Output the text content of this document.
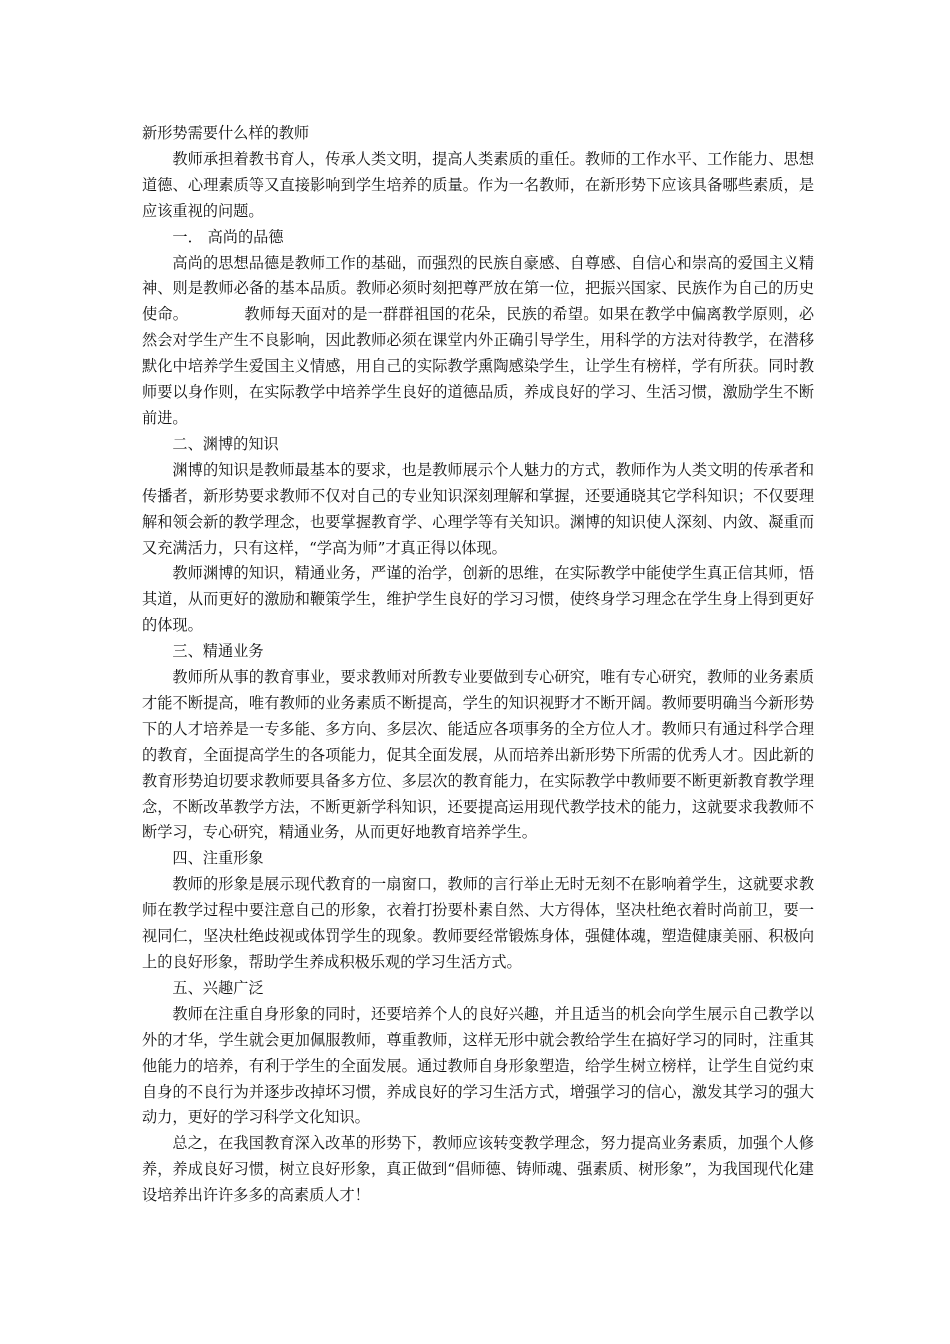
新形势需要什么样的教师

教师承担着教书育人，传承人类文明，提高人类素质的重任。教师的工作水平、工作能力、思想道德、心理素质等又直接影响到学生培养的质量。作为一名教师，在新形势下应该具备哪些素质，是应该重视的问题。

一． 高尚的品德

高尚的思想品德是教师工作的基础，而强烈的民族自豪感、自尊感、自信心和崇高的爱国主义精神、则是教师必备的基本品质。教师必须时刻把尊严放在第一位，把振兴国家、民族作为自己的历史使命。	教师每天面对的是一群群祖国的花朵，民族的希望。如果在教学中偏离教学原则，必然会对学生产生不良影响，因此教师必须在课堂内外正确引导学生，用科学的方法对待教学，在潜移默化中培养学生爱国主义情感，用自己的实际教学熏陶感染学生，让学生有榜样，学有所获。同时教师要以身作则，在实际教学中培养学生良好的道德品质，养成良好的学习、生活习惯，激励学生不断前进。

二、渊博的知识

渊博的知识是教师最基本的要求，也是教师展示个人魅力的方式，教师作为人类文明的传承者和传播者，新形势要求教师不仅对自己的专业知识深刻理解和掌握，还要通晓其它学科知识；不仅要理解和领会新的教学理念，也要掌握教育学、心理学等有关知识。渊博的知识使人深刻、内敛、凝重而又充满活力，只有这样，“学高为师”才真正得以体现。

教师渊博的知识，精通业务，严谨的治学，创新的思维，在实际教学中能使学生真正信其师，悟其道，从而更好的激励和鞭策学生，维护学生良好的学习习惯，使终身学习理念在学生身上得到更好的体现。

三、精通业务

教师所从事的教育事业，要求教师对所教专业要做到专心研究，唯有专心研究，教师的业务素质才能不断提高，唯有教师的业务素质不断提高，学生的知识视野才不断开阔。教师要明确当今新形势下的人才培养是一专多能、多方向、多层次、能适应各项事务的全方位人才。教师只有通过科学合理的教育，全面提高学生的各项能力，促其全面发展，从而培养出新形势下所需的优秀人才。因此新的教育形势迫切要求教师要具备多方位、多层次的教育能力，在实际教学中教师要不断更新教育教学理念，不断改革教学方法，不断更新学科知识，还要提高运用现代教学技术的能力，这就要求我教师不断学习，专心研究，精通业务，从而更好地教育培养学生。

四、注重形象

教师的形象是展示现代教育的一扇窗口，教师的言行举止无时无刻不在影响着学生，这就要求教师在教学过程中要注意自己的形象，衣着打扮要朴素自然、大方得体，坚决杜绝衣着时尚前卫，要一视同仁，坚决杜绝歧视或体罚学生的现象。教师要经常锻炼身体，强健体魂，塑造健康美丽、积极向上的良好形象，帮助学生养成积极乐观的学习生活方式。

五、兴趣广泛

教师在注重自身形象的同时，还要培养个人的良好兴趣，并且适当的机会向学生展示自己教学以外的才华，学生就会更加佩服教师，尊重教师，这样无形中就会教给学生在搞好学习的同时，注重其他能力的培养，有利于学生的全面发展。通过教师自身形象塑造，给学生树立榜样，让学生自觉约束自身的不良行为并逐步改掉坏习惯，养成良好的学习生活方式，增强学习的信心，激发其学习的强大动力，更好的学习科学文化知识。

总之，在我国教育深入改革的形势下，教师应该转变教学理念，努力提高业务素质，加强个人修养，养成良好习惯，树立良好形象，真正做到“倡师德、铸师魂、强素质、树形象”，为我国现代化建设培养出许许多多的高素质人才！
